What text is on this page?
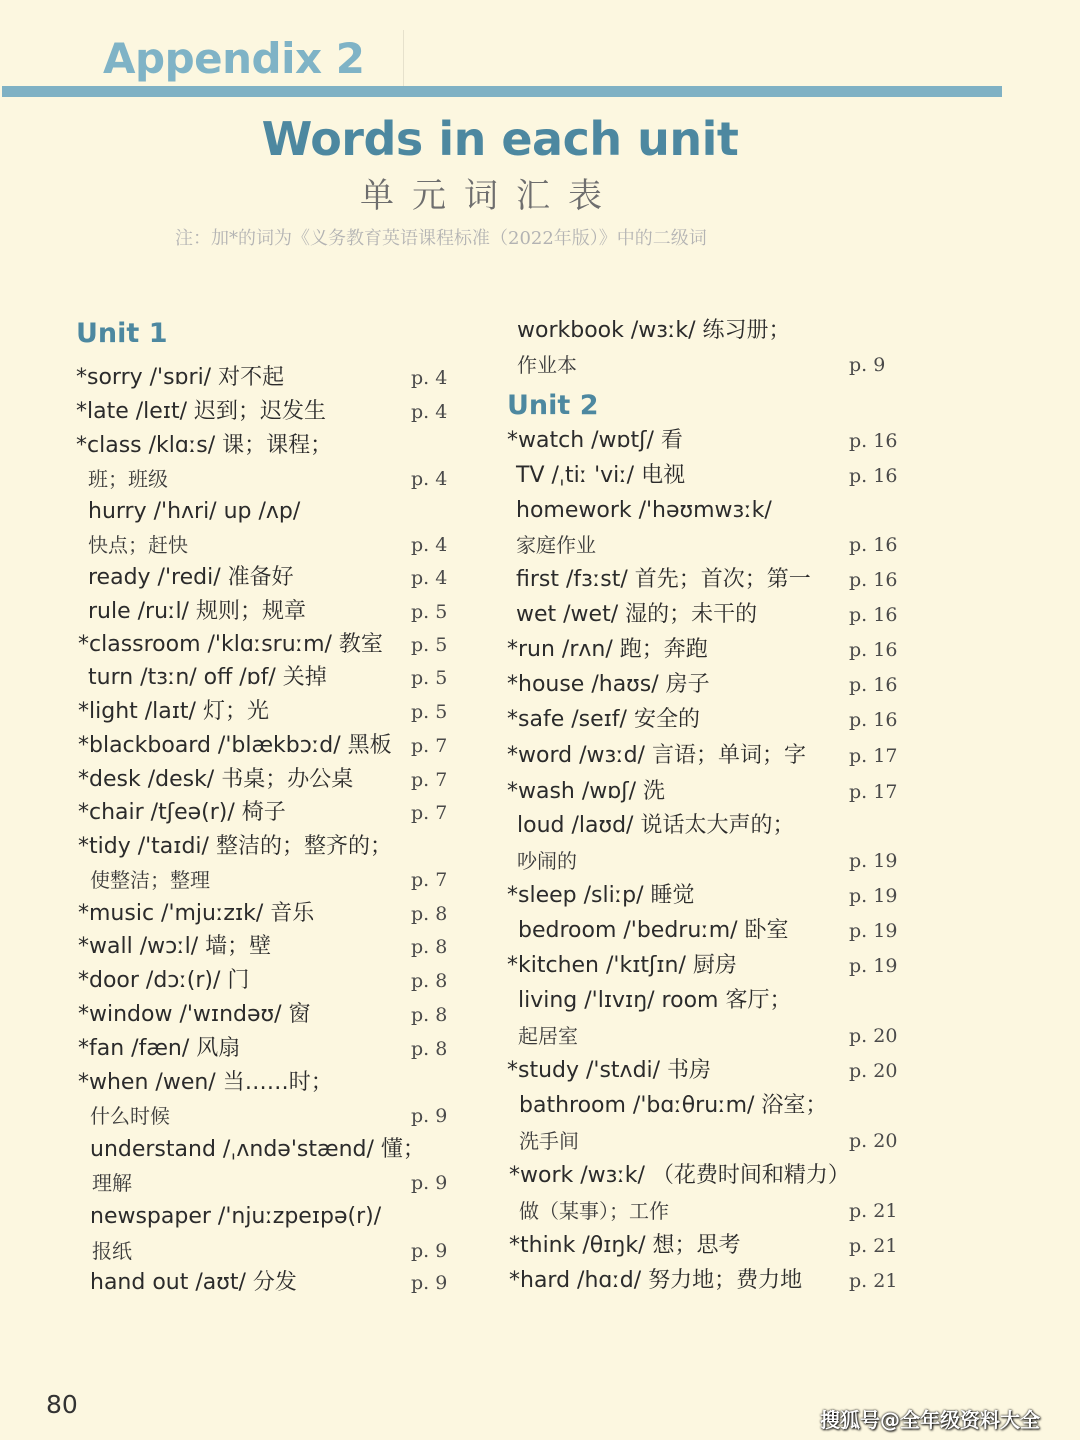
Appendix 2
Words in each unit
单元词汇表
注：加*的词为《义务教育英语课程标准（2022年版）》中的二级词
Unit 1
Unit 2
*sorry /'sɒri/ 对不起	p. 4
*late /leɪt/ 迟到；迟发生	p. 4
*class /klɑːs/ 课；课程；
班；班级	p. 4
hurry /'hʌri/ up /ʌp/
快点；赶快	p. 4
ready /'redi/ 准备好	p. 4
rule /ruːl/ 规则；规章	p. 5
*classroom /'klɑːsruːm/ 教室 p. 5
turn /tɜːn/ off /ɒf/ 关掉	p. 5
*light /laɪt/ 灯；光	p. 5
*blackboard /'blækbɔːd/ 黑板 p. 7
*desk /desk/ 书桌；办公桌	p. 7
*chair /tʃeə(r)/ 椅子	p. 7
*tidy /'taɪdi/ 整洁的；整齐的；
使整洁；整理	p. 7
*music /'mjuːzɪk/ 音乐	p. 8
*wall /wɔːl/ 墙；壁	p. 8
*door /dɔː(r)/ 门	p. 8
*window /'wɪndəʊ/ 窗	p. 8
*fan /fæn/ 风扇	p. 8
*when /wen/ 当……时；
什么时候	p. 9
understand /ˌʌndə'stænd/ 懂；
理解	p. 9
newspaper /'njuːzpeɪpə(r)/
报纸	p. 9
hand out /aʊt/ 分发	p. 9
workbook /wɜːk/ 练习册；
作业本	p. 9
*watch /wɒtʃ/ 看	p. 16
TV /ˌtiː 'viː/ 电视	p. 16
homework /'həʊmwɜːk/
家庭作业	p. 16
first /fɜːst/ 首先；首次；第一 p. 16
wet /wet/ 湿的；未干的	p. 16
*run /rʌn/ 跑；奔跑	p. 16
*house /haʊs/ 房子	p. 16
*safe /seɪf/ 安全的	p. 16
*word /wɜːd/ 言语；单词；字 p. 17
*wash /wɒʃ/ 洗	p. 17
loud /laʊd/ 说话太大声的；
吵闹的	p. 19
*sleep /sliːp/ 睡觉	p. 19
bedroom /'bedruːm/ 卧室	p. 19
*kitchen /'kɪtʃɪn/ 厨房	p. 19
living /'lɪvɪŋ/ room 客厅；
起居室	p. 20
*study /'stʌdi/ 书房	p. 20
bathroom /'bɑːθruːm/ 浴室；
洗手间	p. 20
*work /wɜːk/ （花费时间和精力）
做（某事）；工作	p. 21
*think /θɪŋk/ 想；思考	p. 21
*hard /hɑːd/ 努力地；费力地 p. 21
80
搜狐号@全年级资料大全
